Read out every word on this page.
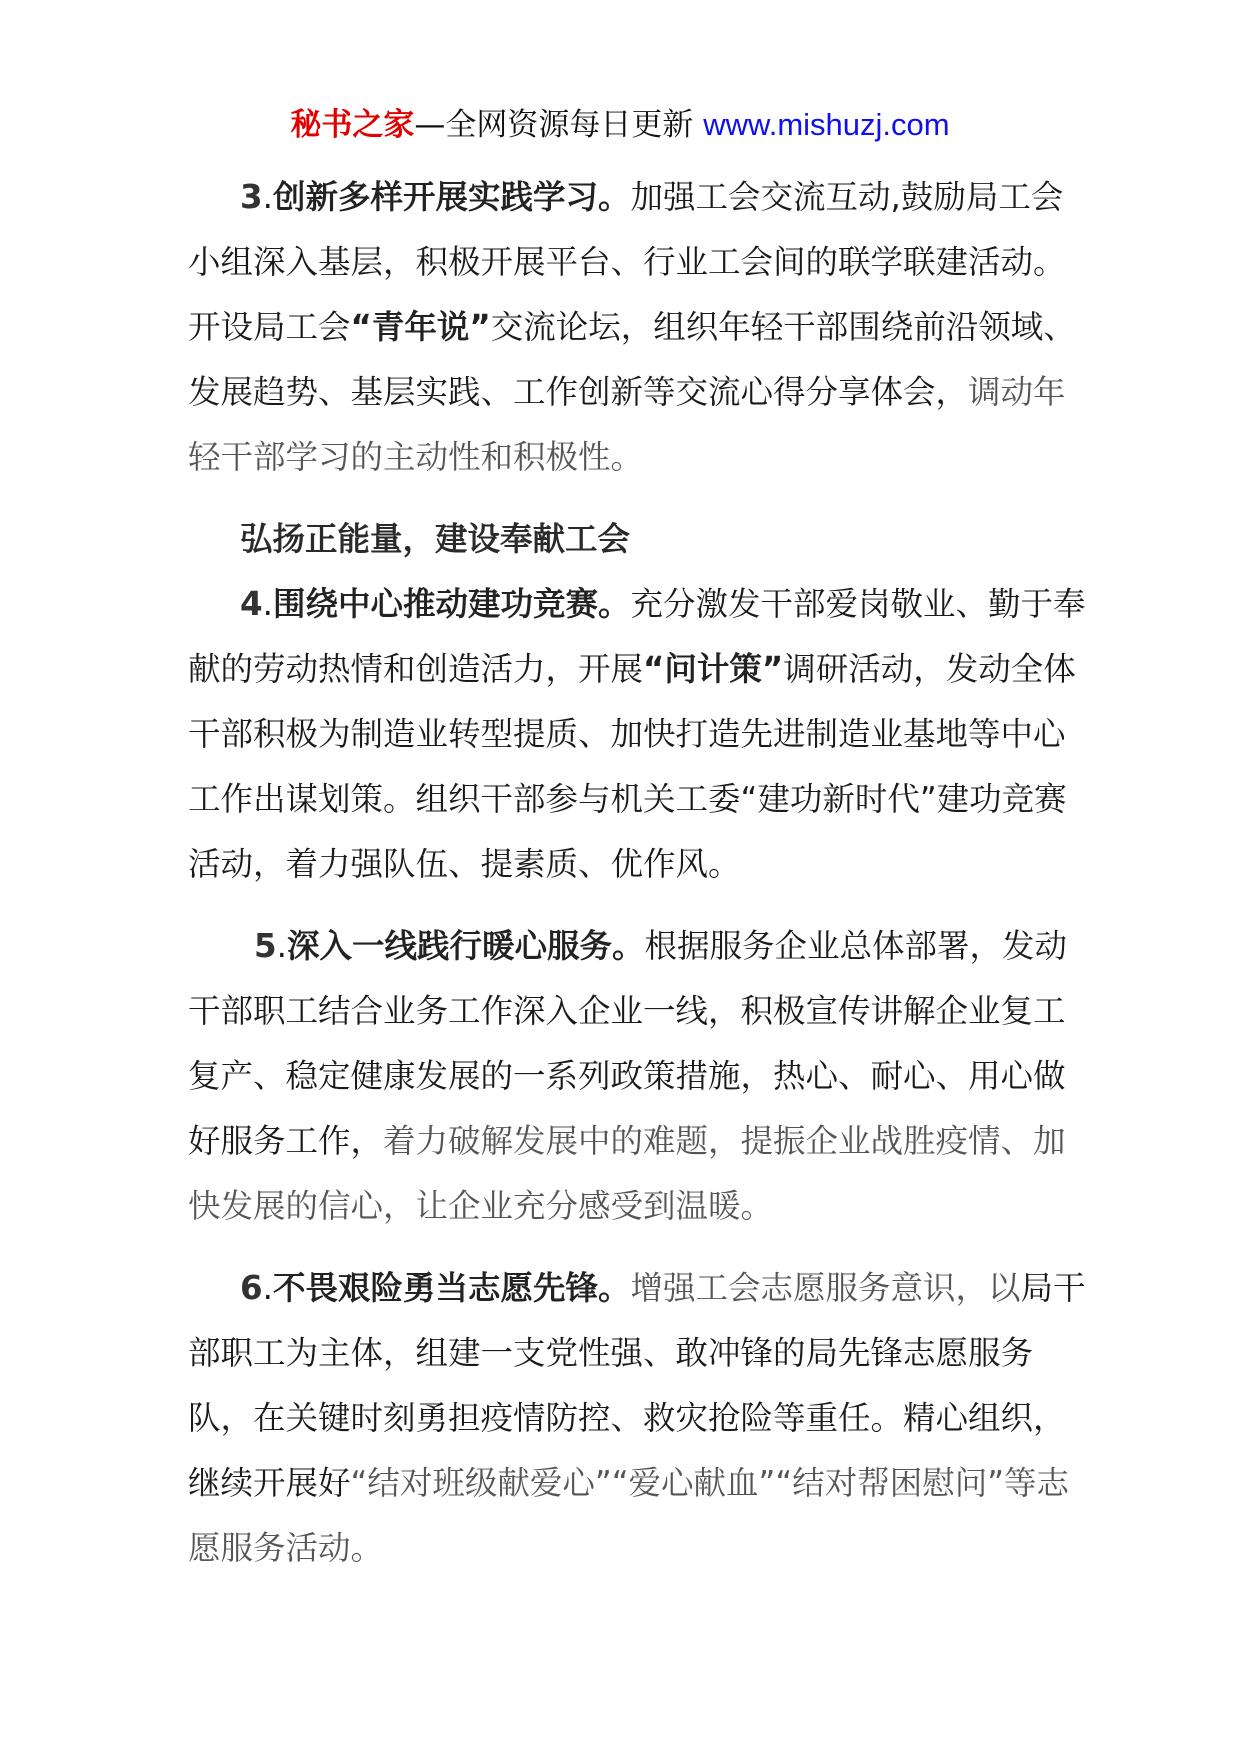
秘书之家—全网资源每日更新 www.mishuzj.com

3.创新多样开展实践学习。加强工会交流互动,鼓励局工会小组深入基层，积极开展平台、行业工会间的联学联建活动。开设局工会“青年说”交流论坛，组织年轻干部围绕前沿领域、发展趋势、基层实践、工作创新等交流心得分享体会，调动年轻干部学习的主动性和积极性。

弘扬正能量，建设奉献工会

4.围绕中心推动建功竞赛。充分激发干部爱岗敬业、勤于奉献的劳动热情和创造活力，开展“问计策”调研活动，发动全体干部积极为制造业转型提质、加快打造先进制造业基地等中心工作出谋划策。组织干部参与机关工委“建功新时代”建功竞赛活动，着力强队伍、提素质、优作风。

5.深入一线践行暖心服务。根据服务企业总体部署，发动干部职工结合业务工作深入企业一线，积极宣传讲解企业复工复产、稳定健康发展的一系列政策措施，热心、耐心、用心做好服务工作，着力破解发展中的难题，提振企业战胜疫情、加快发展的信心，让企业充分感受到温暖。

6.不畏艰险勇当志愿先锋。增强工会志愿服务意识，以局干部职工为主体，组建一支党性强、敢冲锋的局先锋志愿服务队，在关键时刻勇担疫情防控、救灾抢险等重任。精心组织，继续开展好“结对班级献爱心”“爱心献血”“结对帮困慰问”等志愿服务活动。
